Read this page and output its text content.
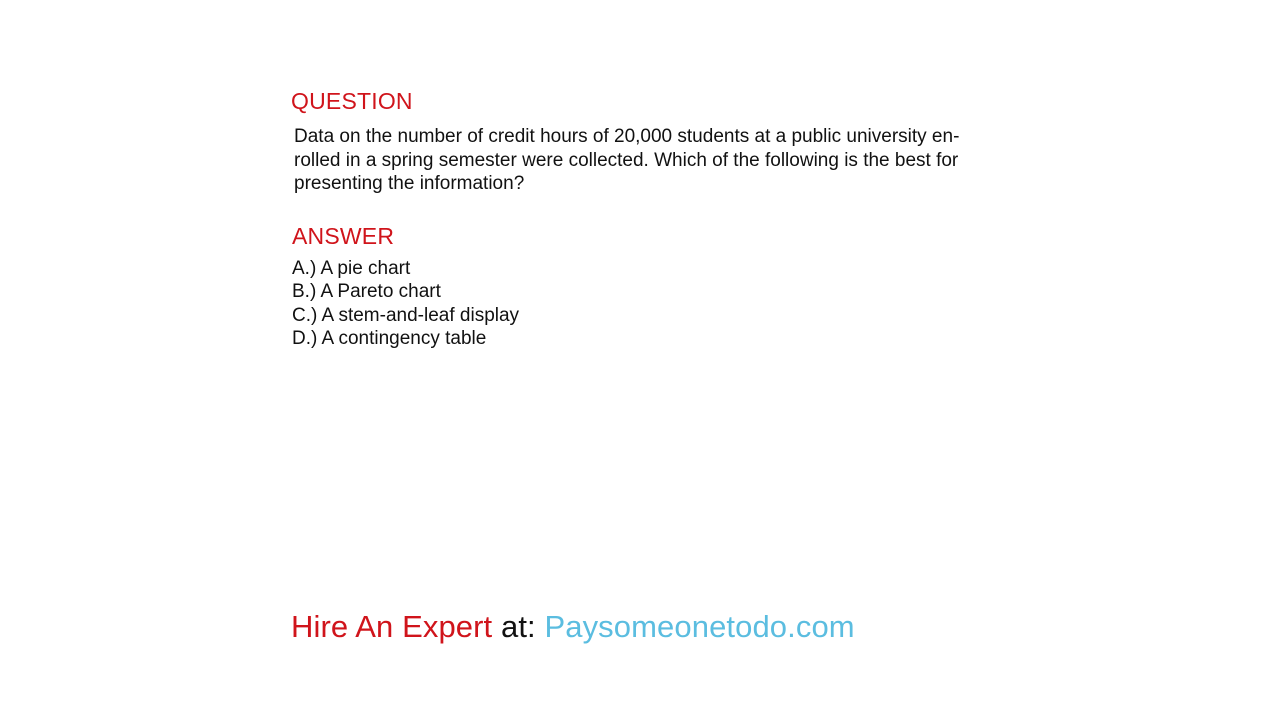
QUESTION
Data on the number of credit hours of 20,000 students at a public university en-
rolled in a spring semester were collected. Which of the following is the best for
presenting the information?
ANSWER
A.) A pie chart
B.) A Pareto chart
C.) A stem-and-leaf display
D.) A contingency table
Hire An Expert at: Paysomeonetodo.com
